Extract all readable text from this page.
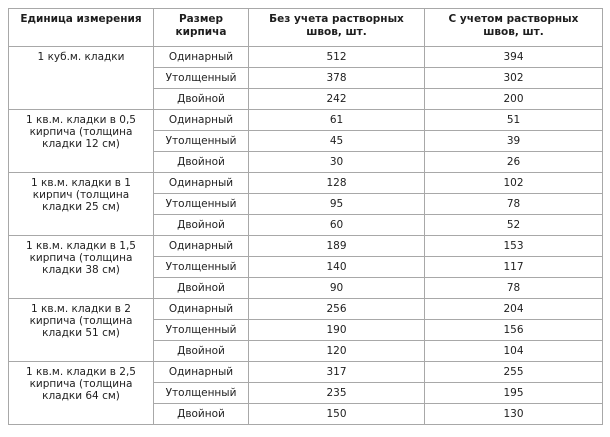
Единица измерения	Размер кирпича	Без учета растворных швов, шт.	С учетом растворных швов, шт.
1 куб.м. кладки	Одинарный	512	394
	Утолщенный	378	302
	Двойной	242	200
1 кв.м. кладки в 0,5 кирпича (толщина кладки 12 см)	Одинарный	61	51
	Утолщенный	45	39
	Двойной	30	26
1 кв.м. кладки в 1 кирпич (толщина кладки 25 см)	Одинарный	128	102
	Утолщенный	95	78
	Двойной	60	52
1 кв.м. кладки в 1,5 кирпича (толщина кладки 38 см)	Одинарный	189	153
	Утолщенный	140	117
	Двойной	90	78
1 кв.м. кладки в 2 кирпича (толщина кладки 51 см)	Одинарный	256	204
	Утолщенный	190	156
	Двойной	120	104
1 кв.м. кладки в 2,5 кирпича (толщина кладки 64 см)	Одинарный	317	255
	Утолщенный	235	195
	Двойной	150	130
